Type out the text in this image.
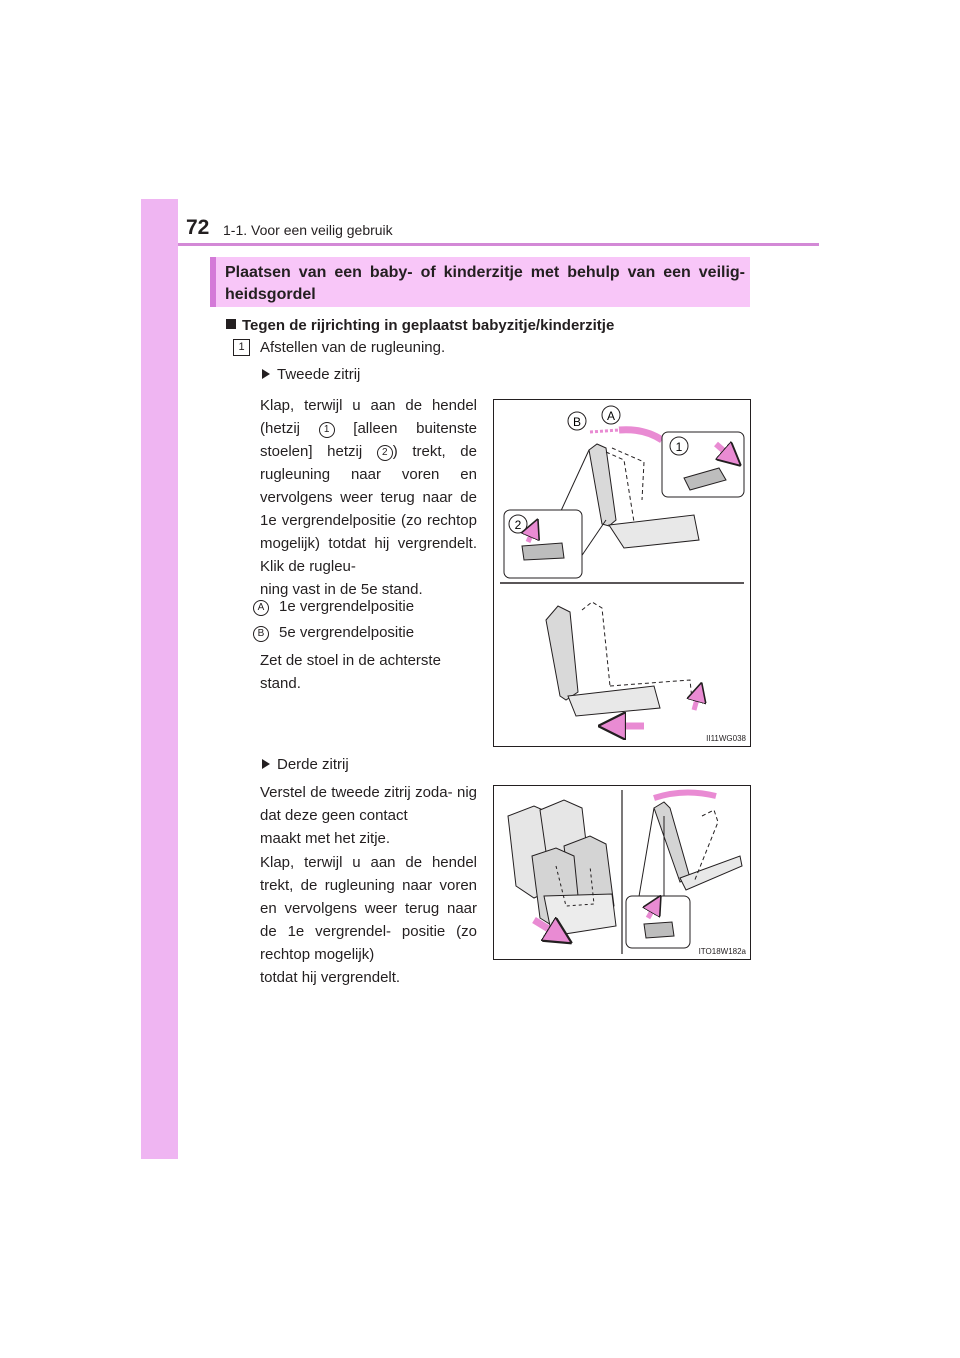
72 1-1. Voor een veilig gebruik
Plaatsen van een baby- of kinderzitje met behulp van een veilig- heidsgordel
Tegen de rijrichting in geplaatst babyzitje/kinderzitje
1	Afstellen van de rugleuning.
Tweede zitrij
Klap, terwijl u aan de hendel (hetzij 1 [alleen buitenste stoelen] hetzij 2 ) trekt, de rugleuning naar voren en vervolgens weer terug naar de 1e vergrendelpositie (zo rechtop mogelijk) totdat hij vergrendelt. Klik de rugleu-
ning vast in de 5e stand.
A 1e vergrendelpositie
B 5e vergrendelpositie
Zet de stoel in de achterste
stand.
Derde zitrij
Verstel de tweede zitrij zoda- nig dat deze geen contact
maakt met het zitje.
Klap, terwijl u aan de hendel trekt, de rugleuning naar voren en vervolgens weer terug naar de 1e vergrendel- positie (zo rechtop mogelijk)
totdat hij vergrendelt.
A
B
1
2
II11WG038
ITO18W182a
